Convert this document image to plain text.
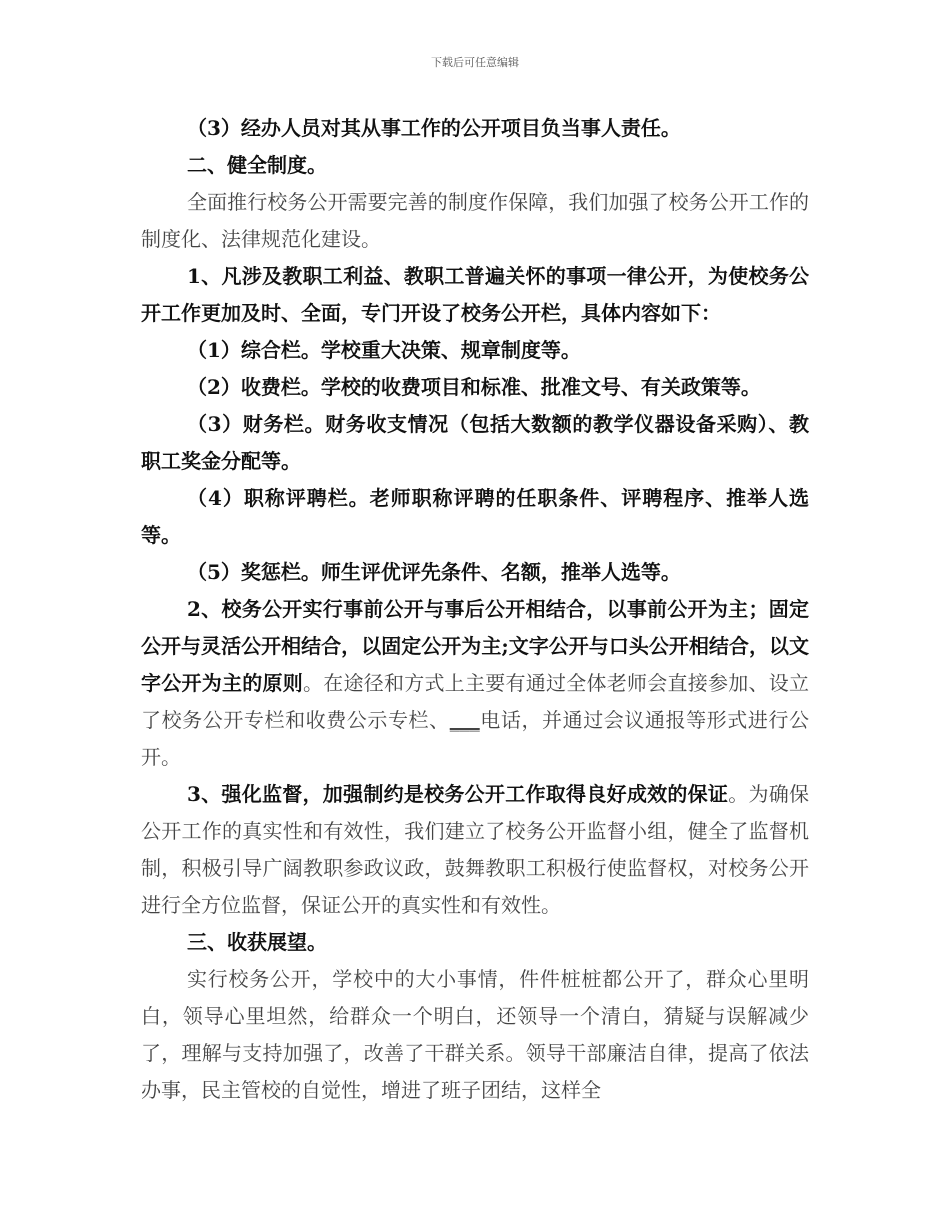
下载后可任意编辑

（3）经办人员对其从事工作的公开项目负当事人责任。

二、健全制度。

全面推行校务公开需要完善的制度作保障，我们加强了校务公开工作的制度化、法律规范化建设。

1、凡涉及教职工利益、教职工普遍关怀的事项一律公开，为使校务公开工作更加及时、全面，专门开设了校务公开栏，具体内容如下：

（1）综合栏。学校重大决策、规章制度等。

（2）收费栏。学校的收费项目和标准、批准文号、有关政策等。

（3）财务栏。财务收支情况（包括大数额的教学仪器设备采购）、教职工奖金分配等。

（4）职称评聘栏。老师职称评聘的任职条件、评聘程序、推举人选等。

（5）奖惩栏。师生评优评先条件、名额，推举人选等。

2、校务公开实行事前公开与事后公开相结合，以事前公开为主；固定公开与灵活公开相结合，以固定公开为主;文字公开与口头公开相结合，以文字公开为主的原则。在途径和方式上主要有通过全体老师会直接参加、设立了校务公开专栏和收费公示专栏、___电话，并通过会议通报等形式进行公开。

3、强化监督，加强制约是校务公开工作取得良好成效的保证。为确保公开工作的真实性和有效性，我们建立了校务公开监督小组，健全了监督机制，积极引导广阔教职参政议政，鼓舞教职工积极行使监督权，对校务公开进行全方位监督，保证公开的真实性和有效性。

三、收获展望。

实行校务公开，学校中的大小事情，件件桩桩都公开了，群众心里明白，领导心里坦然，给群众一个明白，还领导一个清白，猜疑与误解减少了，理解与支持加强了，改善了干群关系。领导干部廉洁自律，提高了依法办事，民主管校的自觉性，增进了班子团结，这样全
